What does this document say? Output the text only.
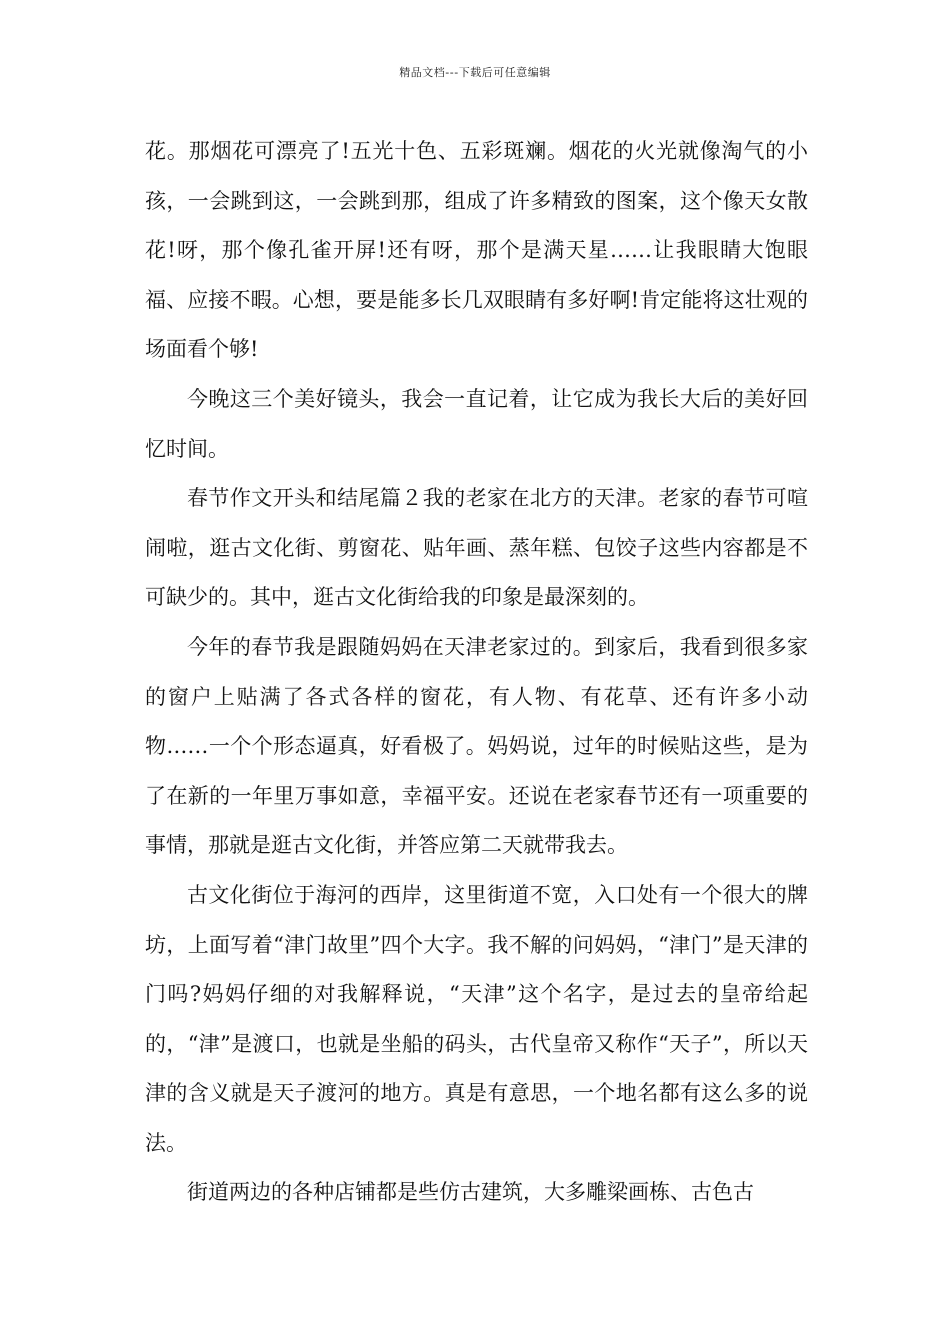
精品文档---下载后可任意编辑

花。那烟花可漂亮了!五光十色、五彩斑斓。烟花的火光就像淘气的小孩，一会跳到这，一会跳到那，组成了许多精致的图案，这个像天女散花!呀，那个像孔雀开屏!还有呀，那个是满天星……让我眼睛大饱眼福、应接不暇。心想，要是能多长几双眼睛有多好啊!肯定能将这壮观的场面看个够!

今晚这三个美好镜头，我会一直记着，让它成为我长大后的美好回忆时间。

春节作文开头和结尾篇２我的老家在北方的天津。老家的春节可喧闹啦，逛古文化街、剪窗花、贴年画、蒸年糕、包饺子这些内容都是不可缺少的。其中，逛古文化街给我的印象是最深刻的。

今年的春节我是跟随妈妈在天津老家过的。到家后，我看到很多家的窗户上贴满了各式各样的窗花，有人物、有花草、还有许多小动物……一个个形态逼真，好看极了。妈妈说，过年的时候贴这些，是为了在新的一年里万事如意，幸福平安。还说在老家春节还有一项重要的事情，那就是逛古文化街，并答应第二天就带我去。

古文化街位于海河的西岸，这里街道不宽，入口处有一个很大的牌坊，上面写着“津门故里”四个大字。我不解的问妈妈，“津门”是天津的门吗?妈妈仔细的对我解释说，“天津”这个名字，是过去的皇帝给起的，“津”是渡口，也就是坐船的码头，古代皇帝又称作“天子”，所以天津的含义就是天子渡河的地方。真是有意思，一个地名都有这么多的说法。

街道两边的各种店铺都是些仿古建筑，大多雕梁画栋、古色古
